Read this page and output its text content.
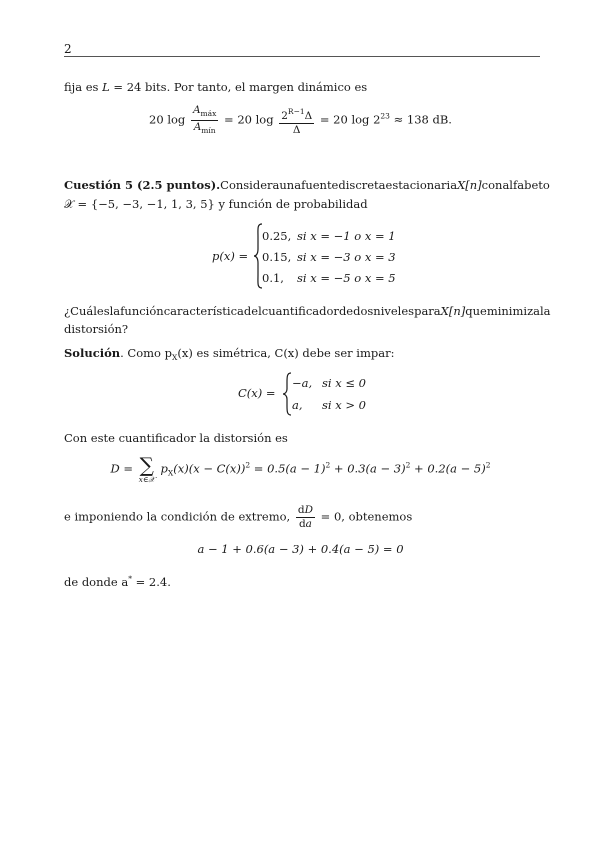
2
fija es L = 24 bits. Por tanto, el margen dinámico es
20 $\log \frac{A_{máx}}{A_{mín}} = 20$ $\log \frac{2^{R-1}\Delta}{\Delta} = 20$ $\log 2^{23} \approx 138$ dB.
Cuestión 5 (2.5 puntos). Considera una fuente discreta estacionaria X[n] con alfabeto
𝒳 = {−5, −3, −1, 1, 3, 5} y función de probabilidad
p(x) =
0.25, si x = −1 o x = 1
0.15, si x = −3 o x = 3
0.1, si x = −5 o x = 5
¿Cuál es la función característica del cuantificador de dos niveles para X[n] que minimiza la
distorsión?
Solución. Como $p_X(x)$ es simétrica, C(x) debe ser impar:
C(x) =
−a, si x ≤ 0
a, si x > 0
Con este cuantificador la distorsión es
D = ∑
x∈𝒳
$p_X(x)(x - C(x))^2 = 0.5(a - 1)^2 + 0.3(a - 3)^2 + 0.2(a - 5)^2$
e imponiendo la condición de extremo, $\frac{dD}{da} = 0$, obtenemos
a − 1 + 0.6(a − 3) + 0.4(a − 5) = 0
de donde a* = 2.4.
